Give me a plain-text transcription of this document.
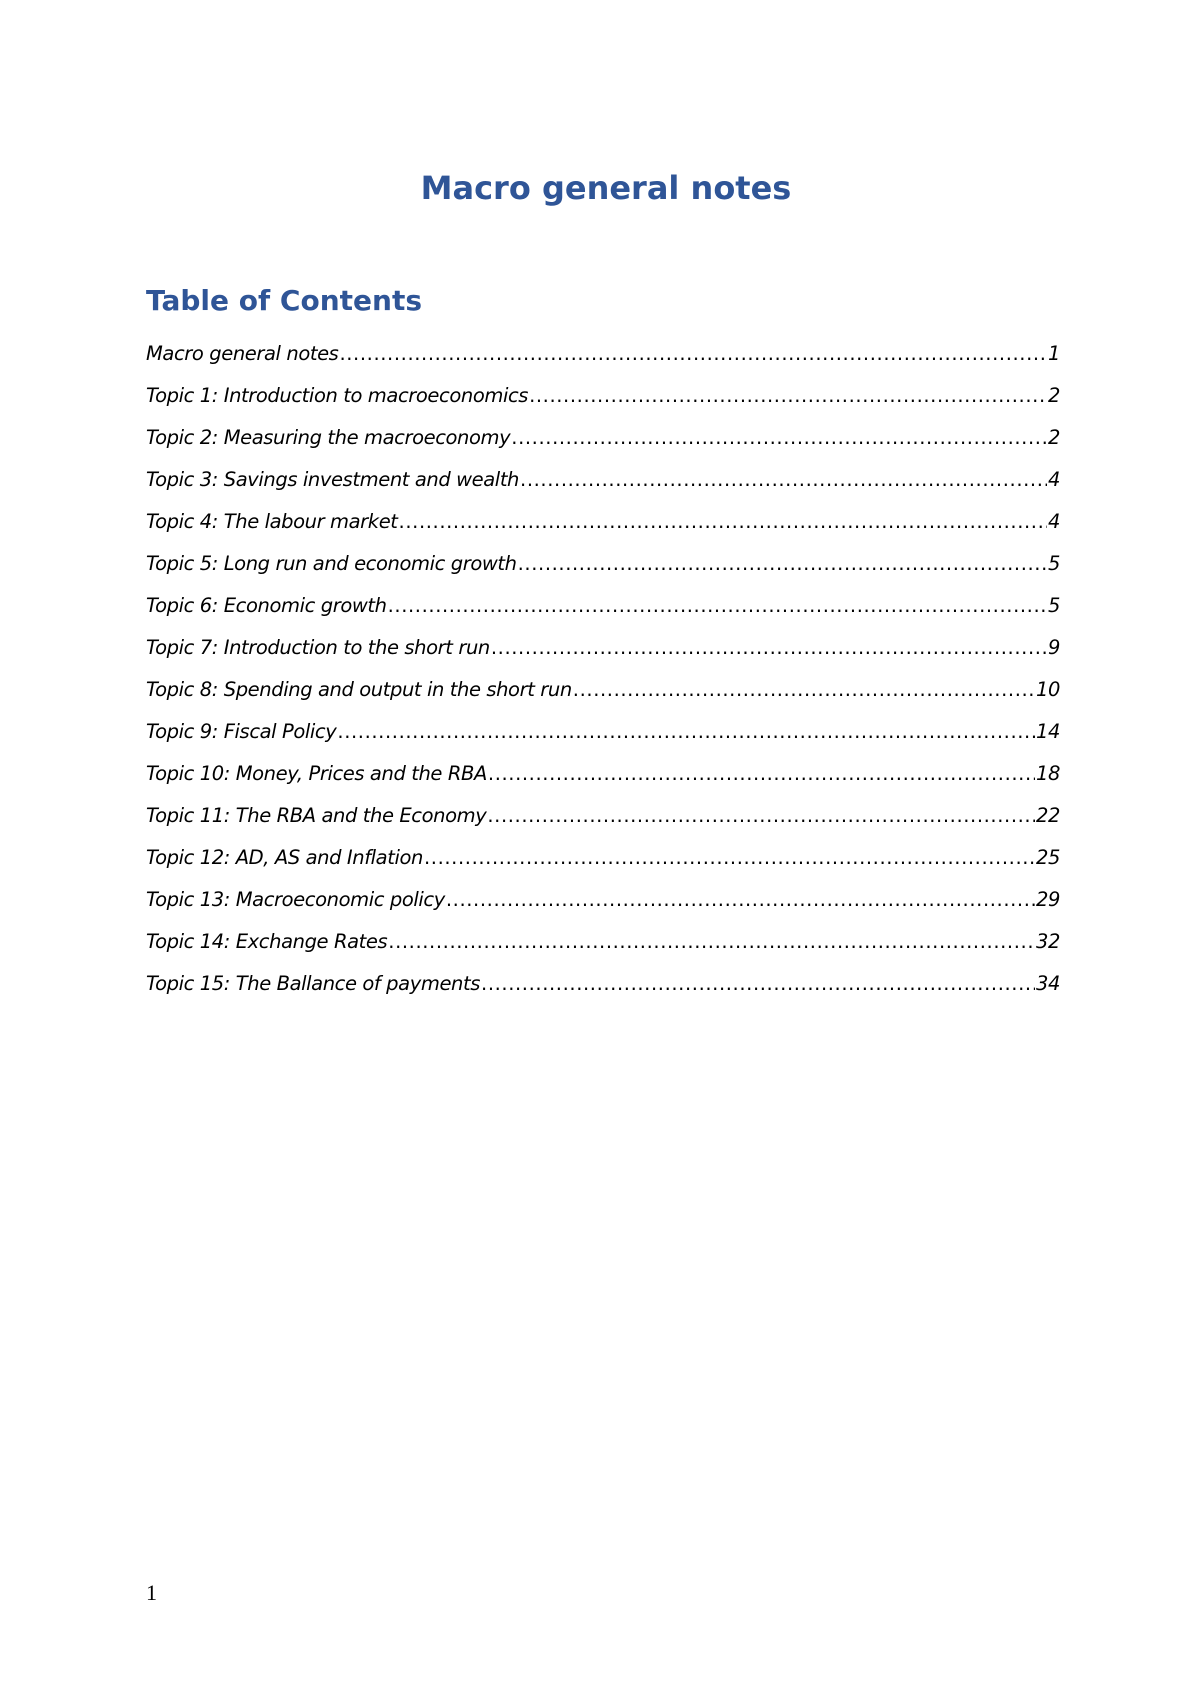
Macro general notes
Table of Contents
Macro general notes .....	1
Topic 1: Introduction to macroeconomics .....	2
Topic 2: Measuring the macroeconomy .....	2
Topic 3: Savings investment and wealth .....	4
Topic 4: The labour market .....	4
Topic 5: Long run and economic growth .....	5
Topic 6: Economic growth .....	5
Topic 7: Introduction to the short run .....	9
Topic 8: Spending and output in the short run .....	10
Topic 9: Fiscal Policy .....	14
Topic 10: Money, Prices and the RBA .....	18
Topic 11: The RBA and the Economy .....	22
Topic 12: AD, AS and Inflation .....	25
Topic 13: Macroeconomic policy .....	29
Topic 14: Exchange Rates .....	32
Topic 15: The Ballance of payments .....	34
1
